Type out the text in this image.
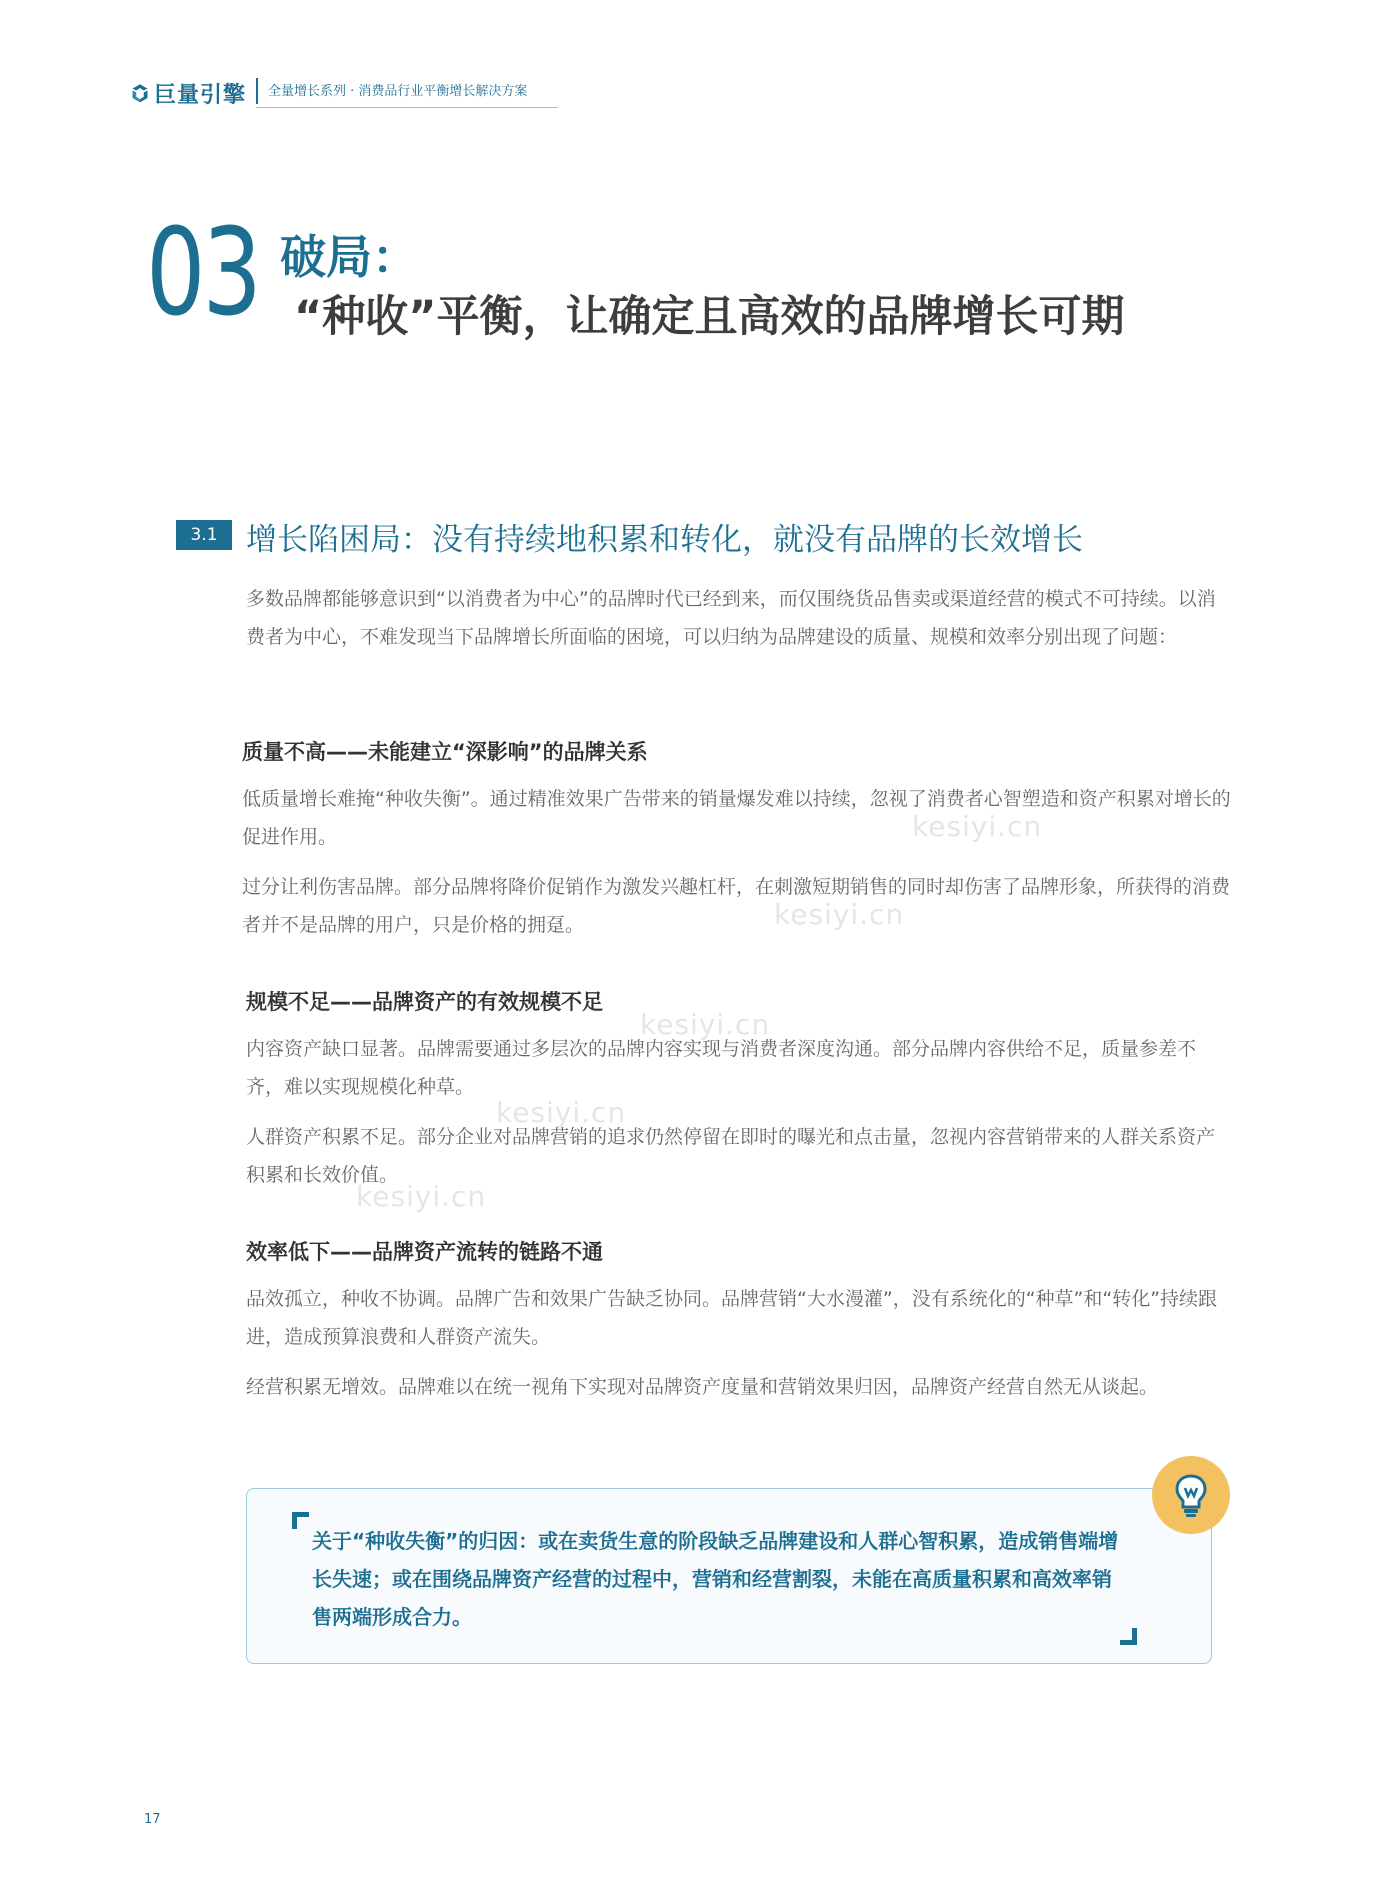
巨量引擎	全量增长系列 · 消费品行业平衡增长解决方案
03 破局：
“种收”平衡，让确定且高效的品牌增长可期
3.1 增长陷困局：没有持续地积累和转化，就没有品牌的长效增长
多数品牌都能够意识到“以消费者为中心”的品牌时代已经到来，而仅围绕货品售卖或渠道经营的模式不可持续。以消费者为中心，不难发现当下品牌增长所面临的困境，可以归纳为品牌建设的质量、规模和效率分别出现了问题：
质量不高——未能建立“深影响”的品牌关系
低质量增长难掩“种收失衡”。通过精准效果广告带来的销量爆发难以持续，忽视了消费者心智塑造和资产积累对增长的促进作用。
过分让利伤害品牌。部分品牌将降价促销作为激发兴趣杠杆，在刺激短期销售的同时却伤害了品牌形象，所获得的消费者并不是品牌的用户，只是价格的拥趸。
规模不足——品牌资产的有效规模不足
内容资产缺口显著。品牌需要通过多层次的品牌内容实现与消费者深度沟通。部分品牌内容供给不足，质量参差不齐，难以实现规模化种草。
人群资产积累不足。部分企业对品牌营销的追求仍然停留在即时的曝光和点击量，忽视内容营销带来的人群关系资产积累和长效价值。
效率低下——品牌资产流转的链路不通
品效孤立，种收不协调。品牌广告和效果广告缺乏协同。品牌营销“大水漫灌”，没有系统化的“种草”和“转化”持续跟进，造成预算浪费和人群资产流失。
经营积累无增效。品牌难以在统一视角下实现对品牌资产度量和营销效果归因，品牌资产经营自然无从谈起。
kesiyi.cn
kesiyi.cn
kesiyi.cn
kesiyi.cn
kesiyi.cn
关于“种收失衡”的归因：或在卖货生意的阶段缺乏品牌建设和人群心智积累，造成销售端增长失速；或在围绕品牌资产经营的过程中，营销和经营割裂，未能在高质量积累和高效率销售两端形成合力。
17
